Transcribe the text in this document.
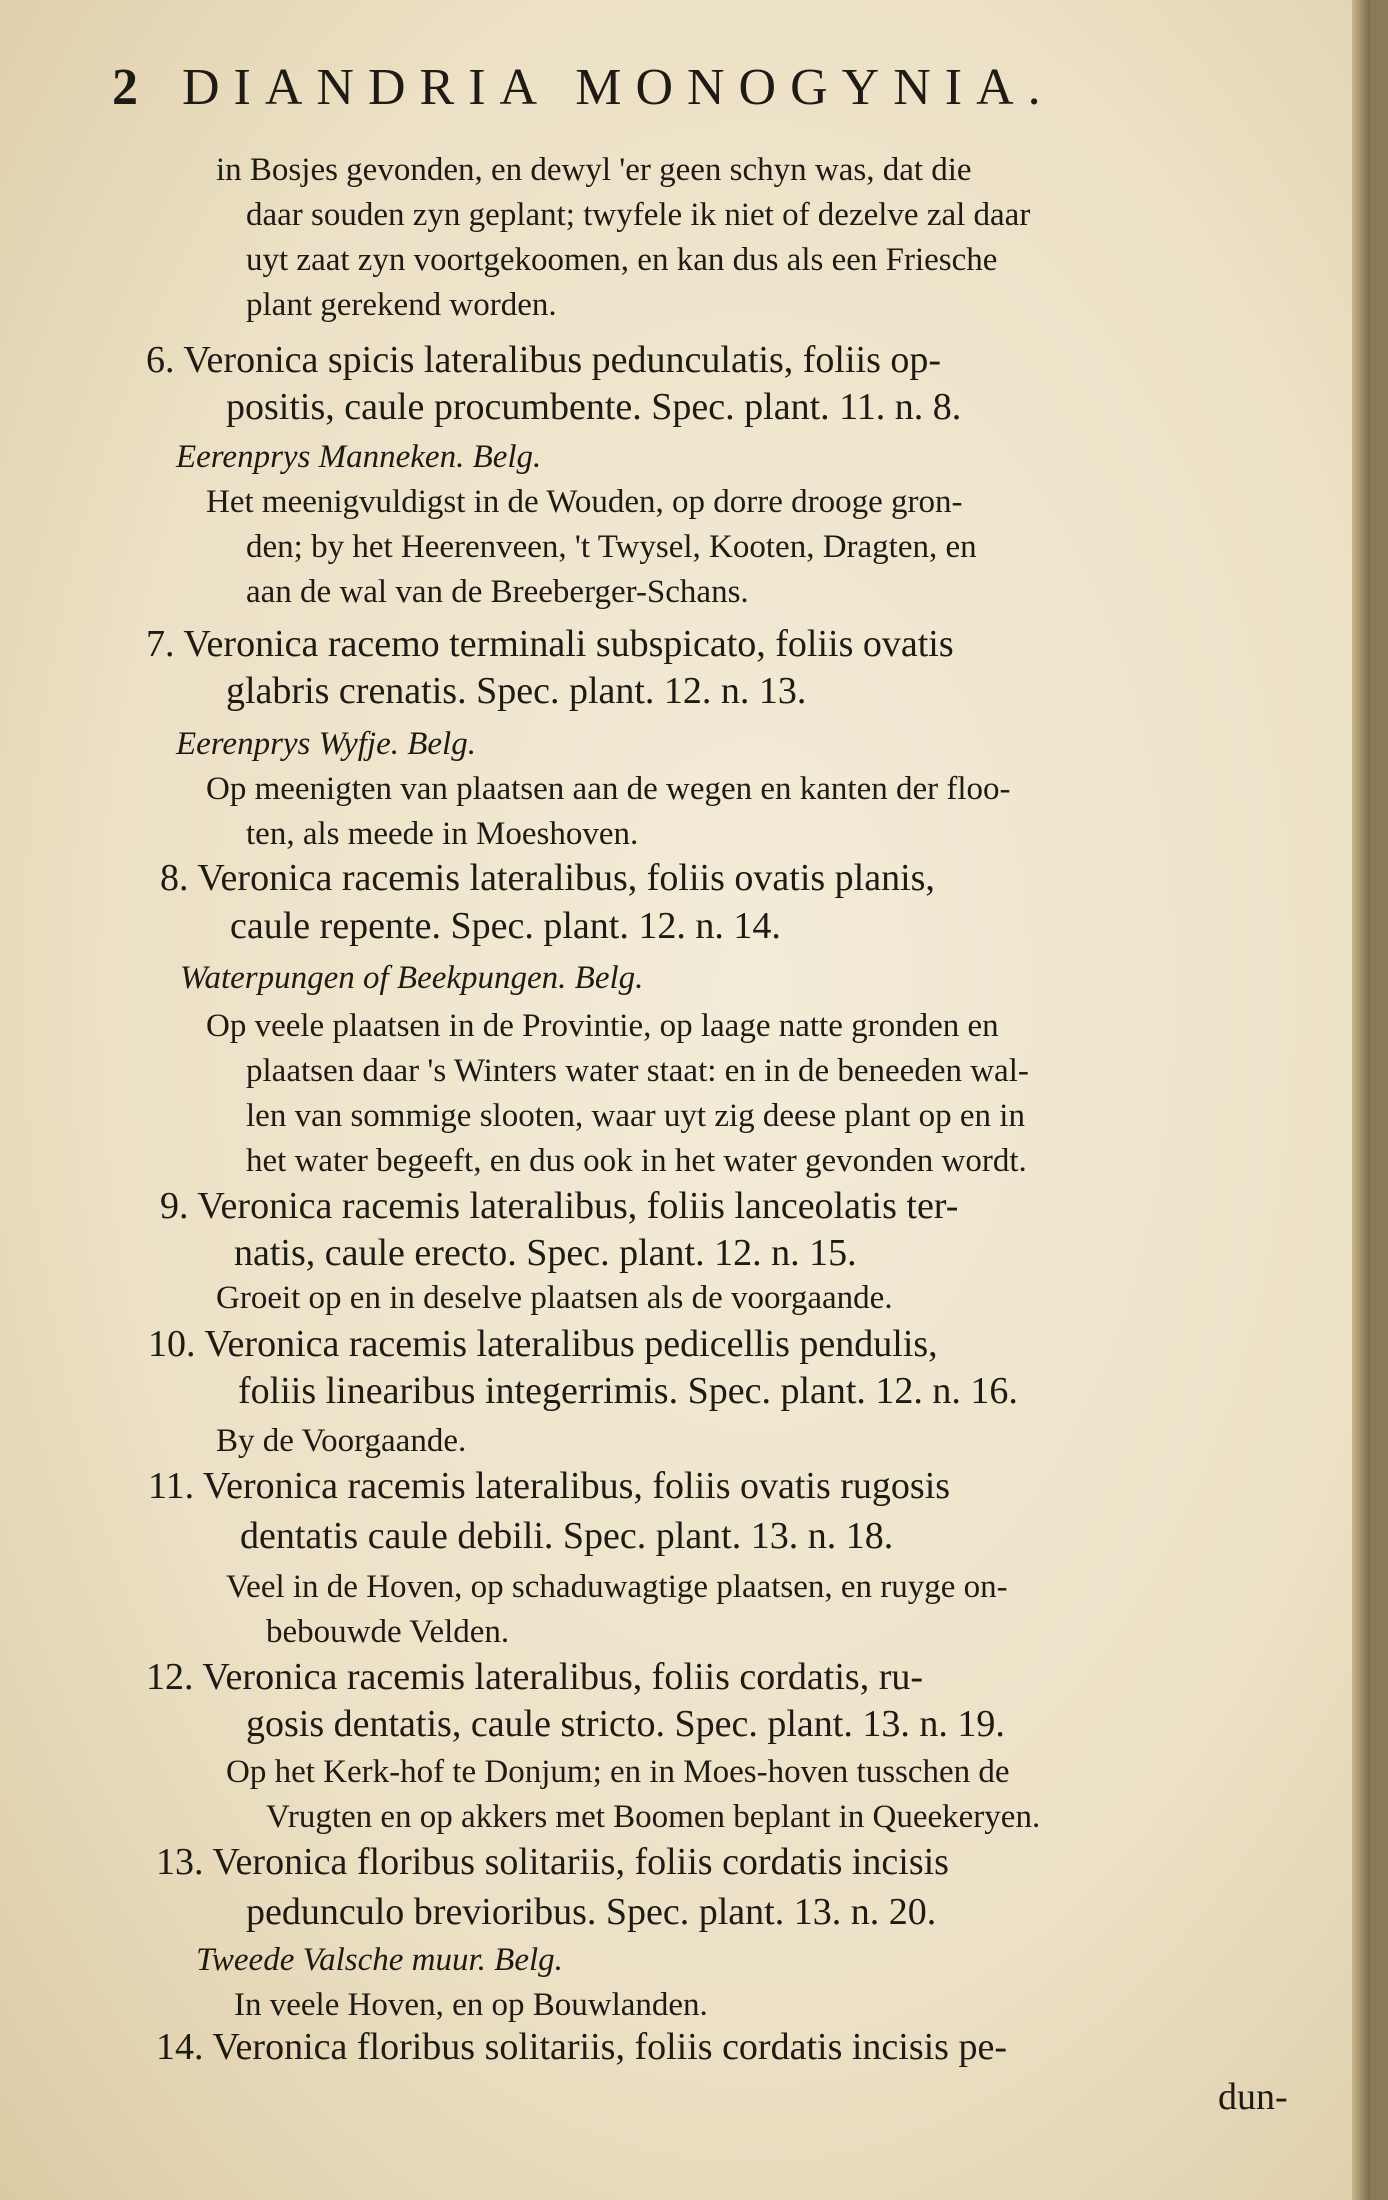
2 DIANDRIA MONOGYNIA.
in Bosjes gevonden, en dewyl 'er geen schyn was, dat die
daar souden zyn geplant; twyfele ik niet of dezelve zal daar
uyt zaat zyn voortgekoomen, en kan dus als een Friesche
plant gerekend worden.
6. Veronica spicis lateralibus pedunculatis, foliis op-
positis, caule procumbente. Spec. plant. 11. n. 8.
Eerenprys Manneken. Belg.
Het meenigvuldigst in de Wouden, op dorre drooge gron-
den; by het Heerenveen, 't Twysel, Kooten, Dragten, en
aan de wal van de Breeberger-Schans.
7. Veronica racemo terminali subspicato, foliis ovatis
glabris crenatis. Spec. plant. 12. n. 13.
Eerenprys Wyfje. Belg.
Op meenigten van plaatsen aan de wegen en kanten der floo-
ten, als meede in Moeshoven.
8. Veronica racemis lateralibus, foliis ovatis planis,
caule repente. Spec. plant. 12. n. 14.
Waterpungen of Beekpungen. Belg.
Op veele plaatsen in de Provintie, op laage natte gronden en
plaatsen daar 's Winters water staat: en in de beneeden wal-
len van sommige slooten, waar uyt zig deese plant op en in
het water begeeft, en dus ook in het water gevonden wordt.
9. Veronica racemis lateralibus, foliis lanceolatis ter-
natis, caule erecto. Spec. plant. 12. n. 15.
Groeit op en in deselve plaatsen als de voorgaande.
10. Veronica racemis lateralibus pedicellis pendulis,
foliis linearibus integerrimis. Spec. plant. 12. n. 16.
By de Voorgaande.
11. Veronica racemis lateralibus, foliis ovatis rugosis
dentatis caule debili. Spec. plant. 13. n. 18.
Veel in de Hoven, op schaduwagtige plaatsen, en ruyge on-
bebouwde Velden.
12. Veronica racemis lateralibus, foliis cordatis, ru-
gosis dentatis, caule stricto. Spec. plant. 13. n. 19.
Op het Kerk-hof te Donjum; en in Moes-hoven tusschen de
Vrugten en op akkers met Boomen beplant in Queekeryen.
13. Veronica floribus solitariis, foliis cordatis incisis
pedunculo brevioribus. Spec. plant. 13. n. 20.
Tweede Valsche muur. Belg.
In veele Hoven, en op Bouwlanden.
14. Veronica floribus solitariis, foliis cordatis incisis pe-
dun-
